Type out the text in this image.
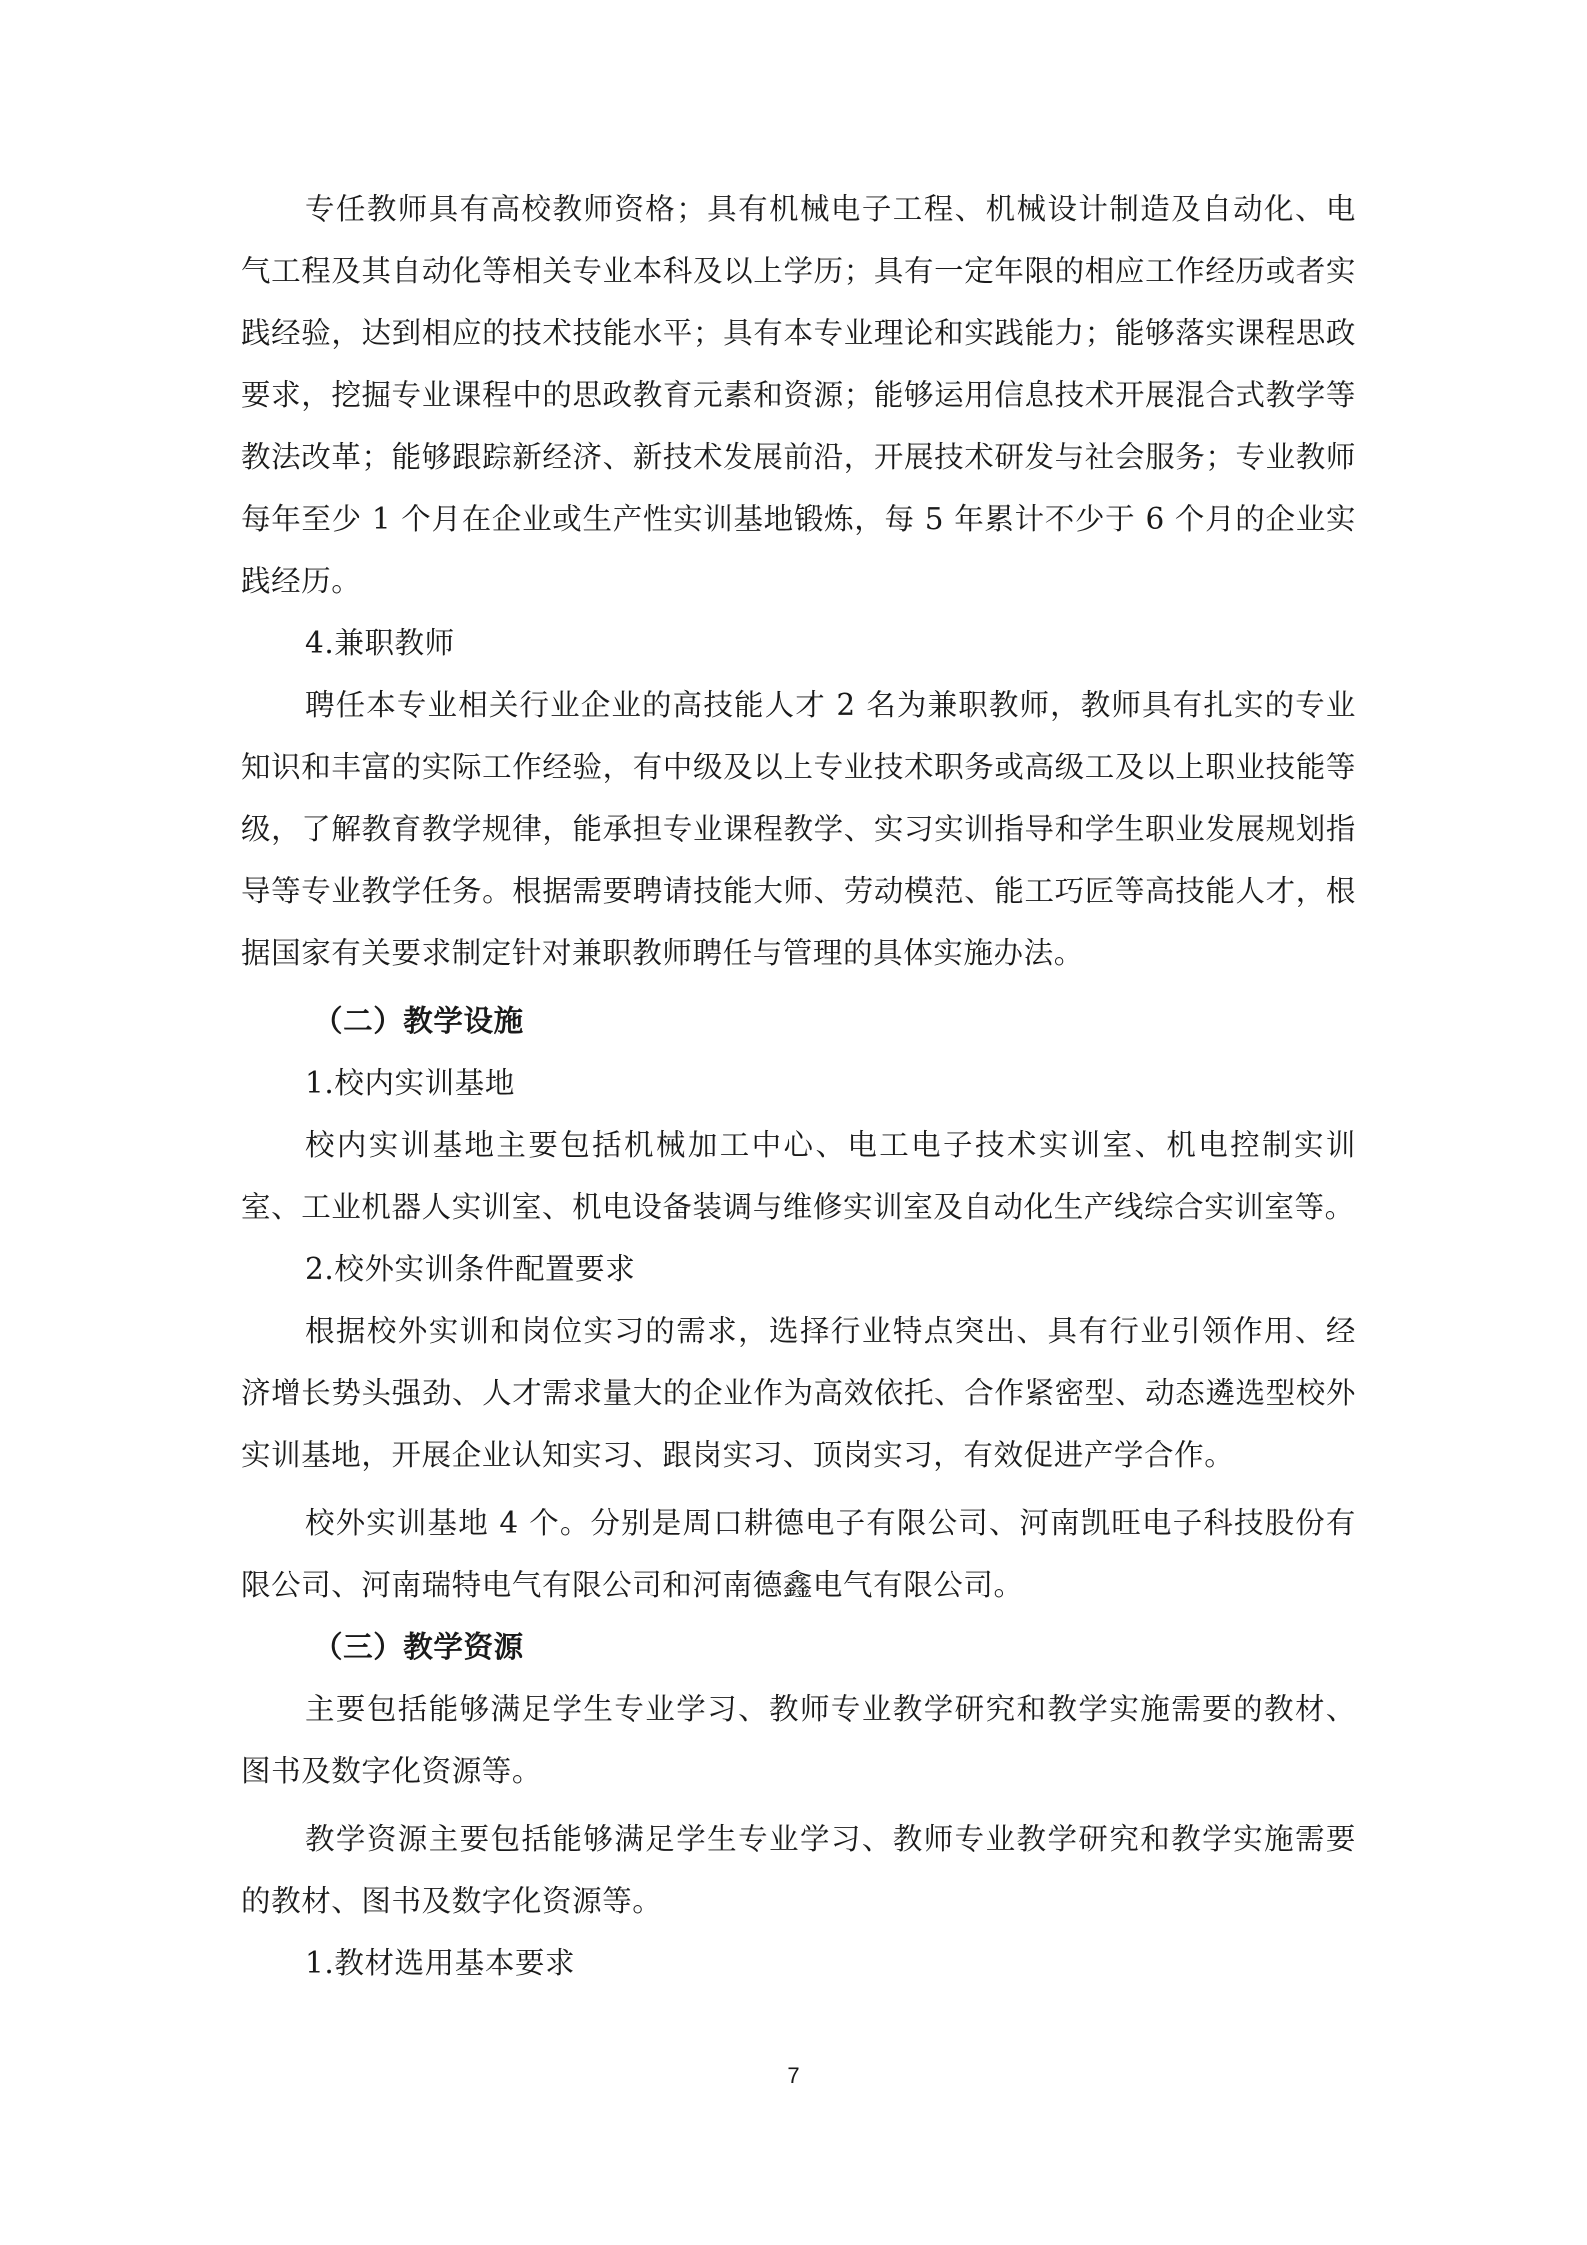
专任教师具有高校教师资格；具有机械电子工程、机械设计制造及自动化、电气工程及其自动化等相关专业本科及以上学历；具有一定年限的相应工作经历或者实践经验，达到相应的技术技能水平；具有本专业理论和实践能力；能够落实课程思政要求，挖掘专业课程中的思政教育元素和资源；能够运用信息技术开展混合式教学等教法改革；能够跟踪新经济、新技术发展前沿，开展技术研发与社会服务；专业教师每年至少 1 个月在企业或生产性实训基地锻炼，每 5 年累计不少于 6 个月的企业实践经历。

4.兼职教师

聘任本专业相关行业企业的高技能人才 2 名为兼职教师，教师具有扎实的专业知识和丰富的实际工作经验，有中级及以上专业技术职务或高级工及以上职业技能等级，了解教育教学规律，能承担专业课程教学、实习实训指导和学生职业发展规划指导等专业教学任务。根据需要聘请技能大师、劳动模范、能工巧匠等高技能人才，根据国家有关要求制定针对兼职教师聘任与管理的具体实施办法。

（二）教学设施

1.校内实训基地

校内实训基地主要包括机械加工中心、电工电子技术实训室、机电控制实训室、工业机器人实训室、机电设备装调与维修实训室及自动化生产线综合实训室等。

2.校外实训条件配置要求

根据校外实训和岗位实习的需求，选择行业特点突出、具有行业引领作用、经济增长势头强劲、人才需求量大的企业作为高效依托、合作紧密型、动态遴选型校外实训基地，开展企业认知实习、跟岗实习、顶岗实习，有效促进产学合作。

校外实训基地 4 个。分别是周口耕德电子有限公司、河南凯旺电子科技股份有限公司、河南瑞特电气有限公司和河南德鑫电气有限公司。

（三）教学资源

主要包括能够满足学生专业学习、教师专业教学研究和教学实施需要的教材、图书及数字化资源等。

教学资源主要包括能够满足学生专业学习、教师专业教学研究和教学实施需要的教材、图书及数字化资源等。

1.教材选用基本要求

7
